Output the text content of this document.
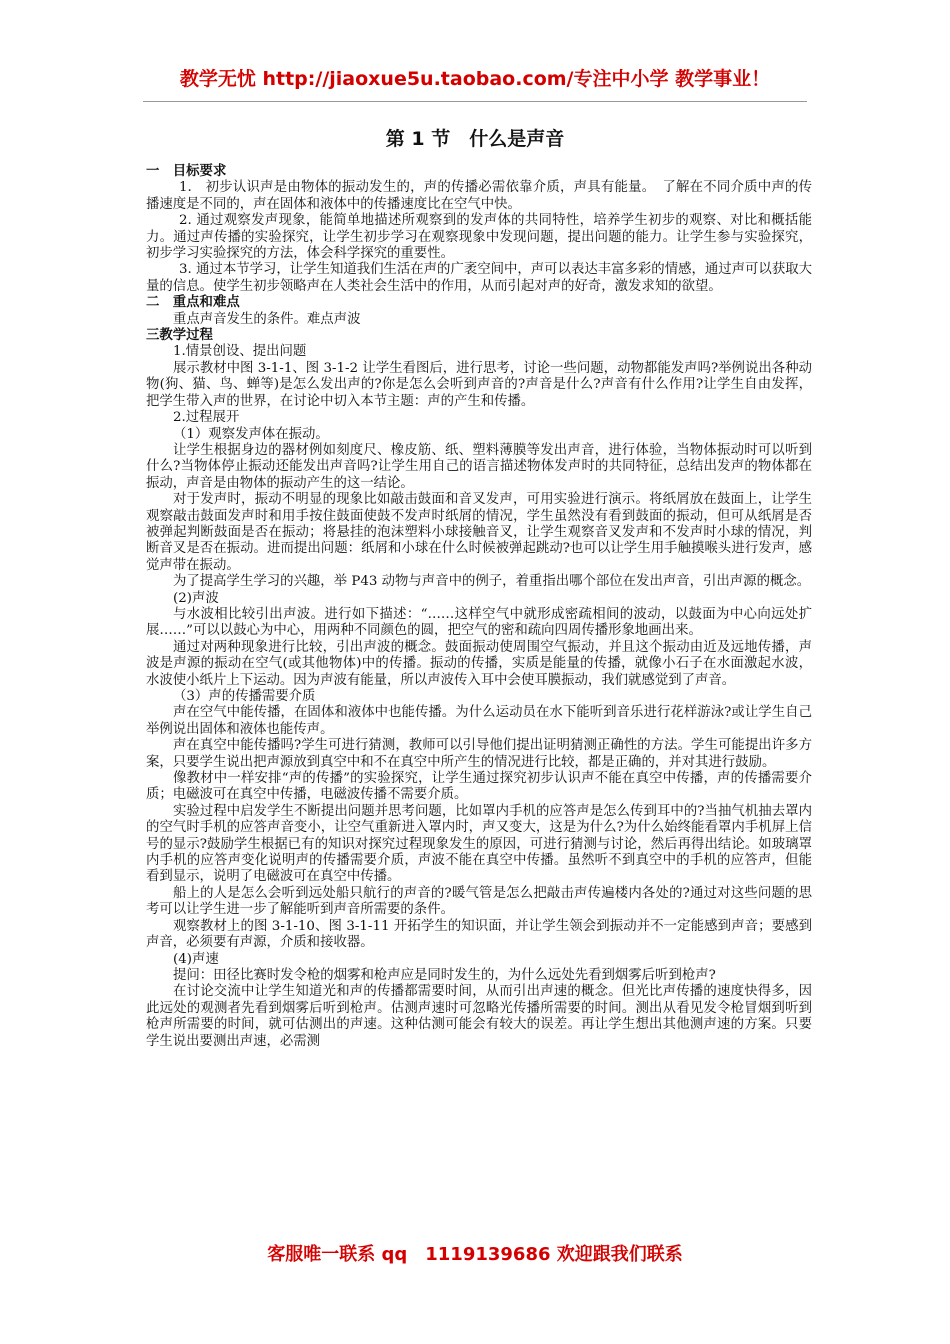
教学无忧 http://jiaoxue5u.taobao.com/专注中小学 教学事业！
第 1 节　什么是声音

一　目标要求

1.　初步认识声是由物体的振动发生的，声的传播必需依靠介质，声具有能量。　了解在不同介质中声的传播速度是不同的，声在固体和液体中的传播速度比在空气中快。

2. 通过观察发声现象，能简单地描述所观察到的发声体的共同特性，培养学生初步的观察、对比和概括能力。通过声传播的实验探究，让学生初步学习在观察现象中发现问题，提出问题的能力。让学生参与实验探究，初步学习实验探究的方法，体会科学探究的重要性。

3. 通过本节学习，让学生知道我们生活在声的广袤空间中，声可以表达丰富多彩的情感，通过声可以获取大量的信息。使学生初步领略声在人类社会生活中的作用，从而引起对声的好奇，激发求知的欲望。

二　重点和难点

重点声音发生的条件。难点声波

三教学过程

1.情景创设、提出问题

展示教材中图 3-1-1、图 3-1-2 让学生看图后，进行思考，讨论一些问题，动物都能发声吗?举例说出各种动物(狗、猫、鸟、蝉等)是怎么发出声的?你是怎么会听到声音的?声音是什么?声音有什么作用?让学生自由发挥，把学生带入声的世界，在讨论中切入本节主题：声的产生和传播。

2.过程展开

（1）观察发声体在振动。

让学生根据身边的器材例如刻度尺、橡皮筋、纸、塑料薄膜等发出声音，进行体验，当物体振动时可以听到什么?当物体停止振动还能发出声音吗?让学生用自己的语言描述物体发声时的共同特征，总结出发声的物体都在振动，声音是由物体的振动产生的这一结论。

对于发声时，振动不明显的现象比如敲击鼓面和音叉发声，可用实验进行演示。将纸屑放在鼓面上，让学生观察敲击鼓面发声时和用手按住鼓面使鼓不发声时纸屑的情况，学生虽然没有看到鼓面的振动，但可从纸屑是否被弹起判断鼓面是否在振动；将悬挂的泡沫塑料小球接触音叉，让学生观察音叉发声和不发声时小球的情况，判断音叉是否在振动。进而提出问题：纸屑和小球在什么时候被弹起跳动?也可以让学生用手触摸喉头进行发声，感觉声带在振动。

为了提高学生学习的兴趣，举 P43 动物与声音中的例子，着重指出哪个部位在发出声音，引出声源的概念。

(2)声波

与水波相比较引出声波。进行如下描述：“……这样空气中就形成密疏相间的波动，以鼓面为中心向远处扩展……”可以以鼓心为中心，用两种不同颜色的圆，把空气的密和疏向四周传播形象地画出来。

通过对两种现象进行比较，引出声波的概念。鼓面振动使周围空气振动，并且这个振动由近及远地传播，声波是声源的振动在空气(或其他物体)中的传播。振动的传播，实质是能量的传播，就像小石子在水面激起水波，水波使小纸片上下运动。因为声波有能量，所以声波传入耳中会使耳膜振动，我们就感觉到了声音。

（3）声的传播需要介质

声在空气中能传播，在固体和液体中也能传播。为什么运动员在水下能听到音乐进行花样游泳?或让学生自己举例说出固体和液体也能传声。

声在真空中能传播吗?学生可进行猜测，教师可以引导他们提出证明猜测正确性的方法。学生可能提出许多方案，只要学生说出把声源放到真空中和不在真空中所产生的情况进行比较，都是正确的，并对其进行鼓励。

像教材中一样安排“声的传播”的实验探究，让学生通过探究初步认识声不能在真空中传播，声的传播需要介质；电磁波可在真空中传播，电磁波传播不需要介质。

实验过程中启发学生不断提出问题并思考问题，比如罩内手机的应答声是怎么传到耳中的?当抽气机抽去罩内的空气时手机的应答声音变小，让空气重新进入罩内时，声又变大，这是为什么?为什么始终能看罩内手机屏上信号的显示?鼓励学生根据已有的知识对探究过程现象发生的原因，可进行猜测与讨论，然后再得出结论。如玻璃罩内手机的应答声变化说明声的传播需要介质，声波不能在真空中传播。虽然听不到真空中的手机的应答声，但能看到显示，说明了电磁波可在真空中传播。

船上的人是怎么会听到远处船只航行的声音的?暖气管是怎么把敲击声传遍楼内各处的?通过对这些问题的思考可以让学生进一步了解能听到声音所需要的条件。

观察教材上的图 3-1-10、图 3-1-11 开拓学生的知识面，并让学生领会到振动并不一定能感到声音；要感到声音，必须要有声源，介质和接收器。

(4)声速

提问：田径比赛时发令枪的烟雾和枪声应是同时发生的，为什么远处先看到烟雾后听到枪声?

在讨论交流中让学生知道光和声的传播都需要时间，从而引出声速的概念。但光比声传播的速度快得多，因此远处的观测者先看到烟雾后听到枪声。估测声速时可忽略光传播所需要的时间。测出从看见发令枪冒烟到听到枪声所需要的时间，就可估测出的声速。这种估测可能会有较大的误差。再让学生想出其他测声速的方案。只要学生说出要测出声速，必需测

客服唯一联系 qq　1119139686 欢迎跟我们联系
